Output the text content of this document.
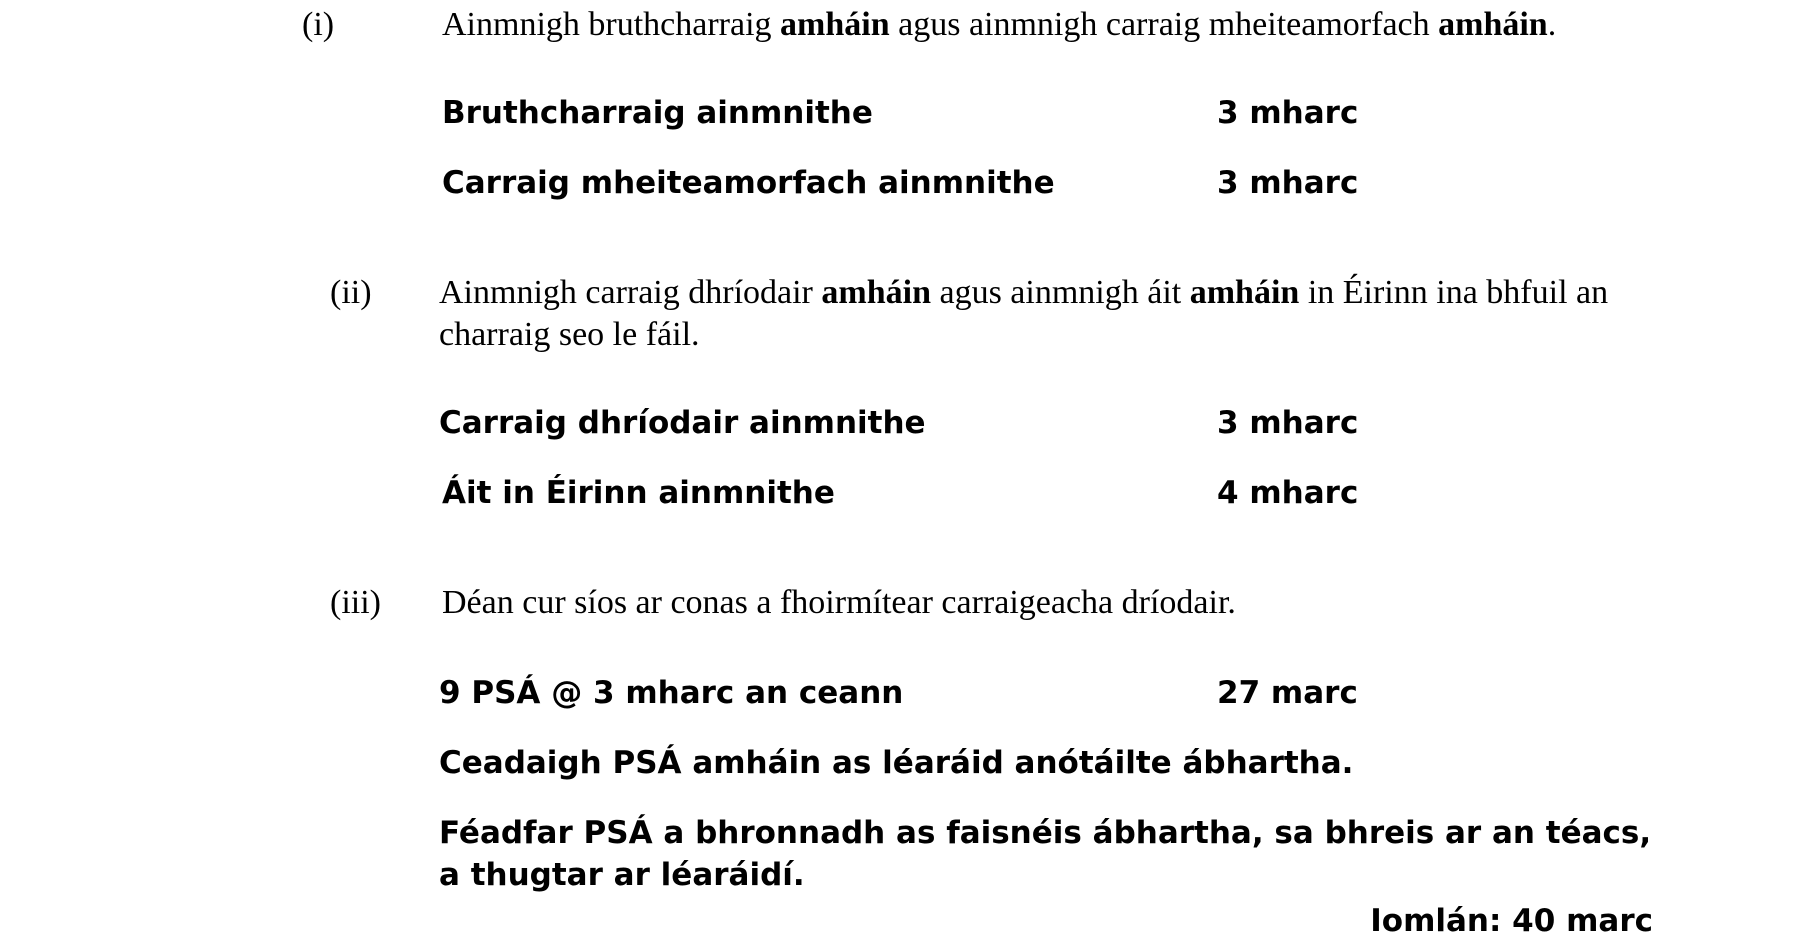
(i)	Ainmnigh bruthcharraig amháin agus ainmnigh carraig mheiteamorfach amháin.
Bruthcharraig ainmnithe	3 mharc
Carraig mheiteamorfach ainmnithe	3 mharc
(ii) Ainmnigh carraig dhríodair amháin agus ainmnigh áit amháin in Éirinn ina bhfuil an charraig seo le fáil.
Carraig dhríodair ainmnithe	3 mharc
Áit in Éirinn ainmnithe	4 mharc
(iii) Déan cur síos ar conas a fhoirmítear carraigeacha dríodair.
9 PSÁ @ 3 mharc an ceann	27 marc
Ceadaigh PSÁ amháin as léaráid anótáilte ábhartha.
Féadfar PSÁ a bhronnadh as faisnéis ábhartha, sa bhreis ar an téacs, a thugtar ar léaráidí.
Iomlán: 40 marc
